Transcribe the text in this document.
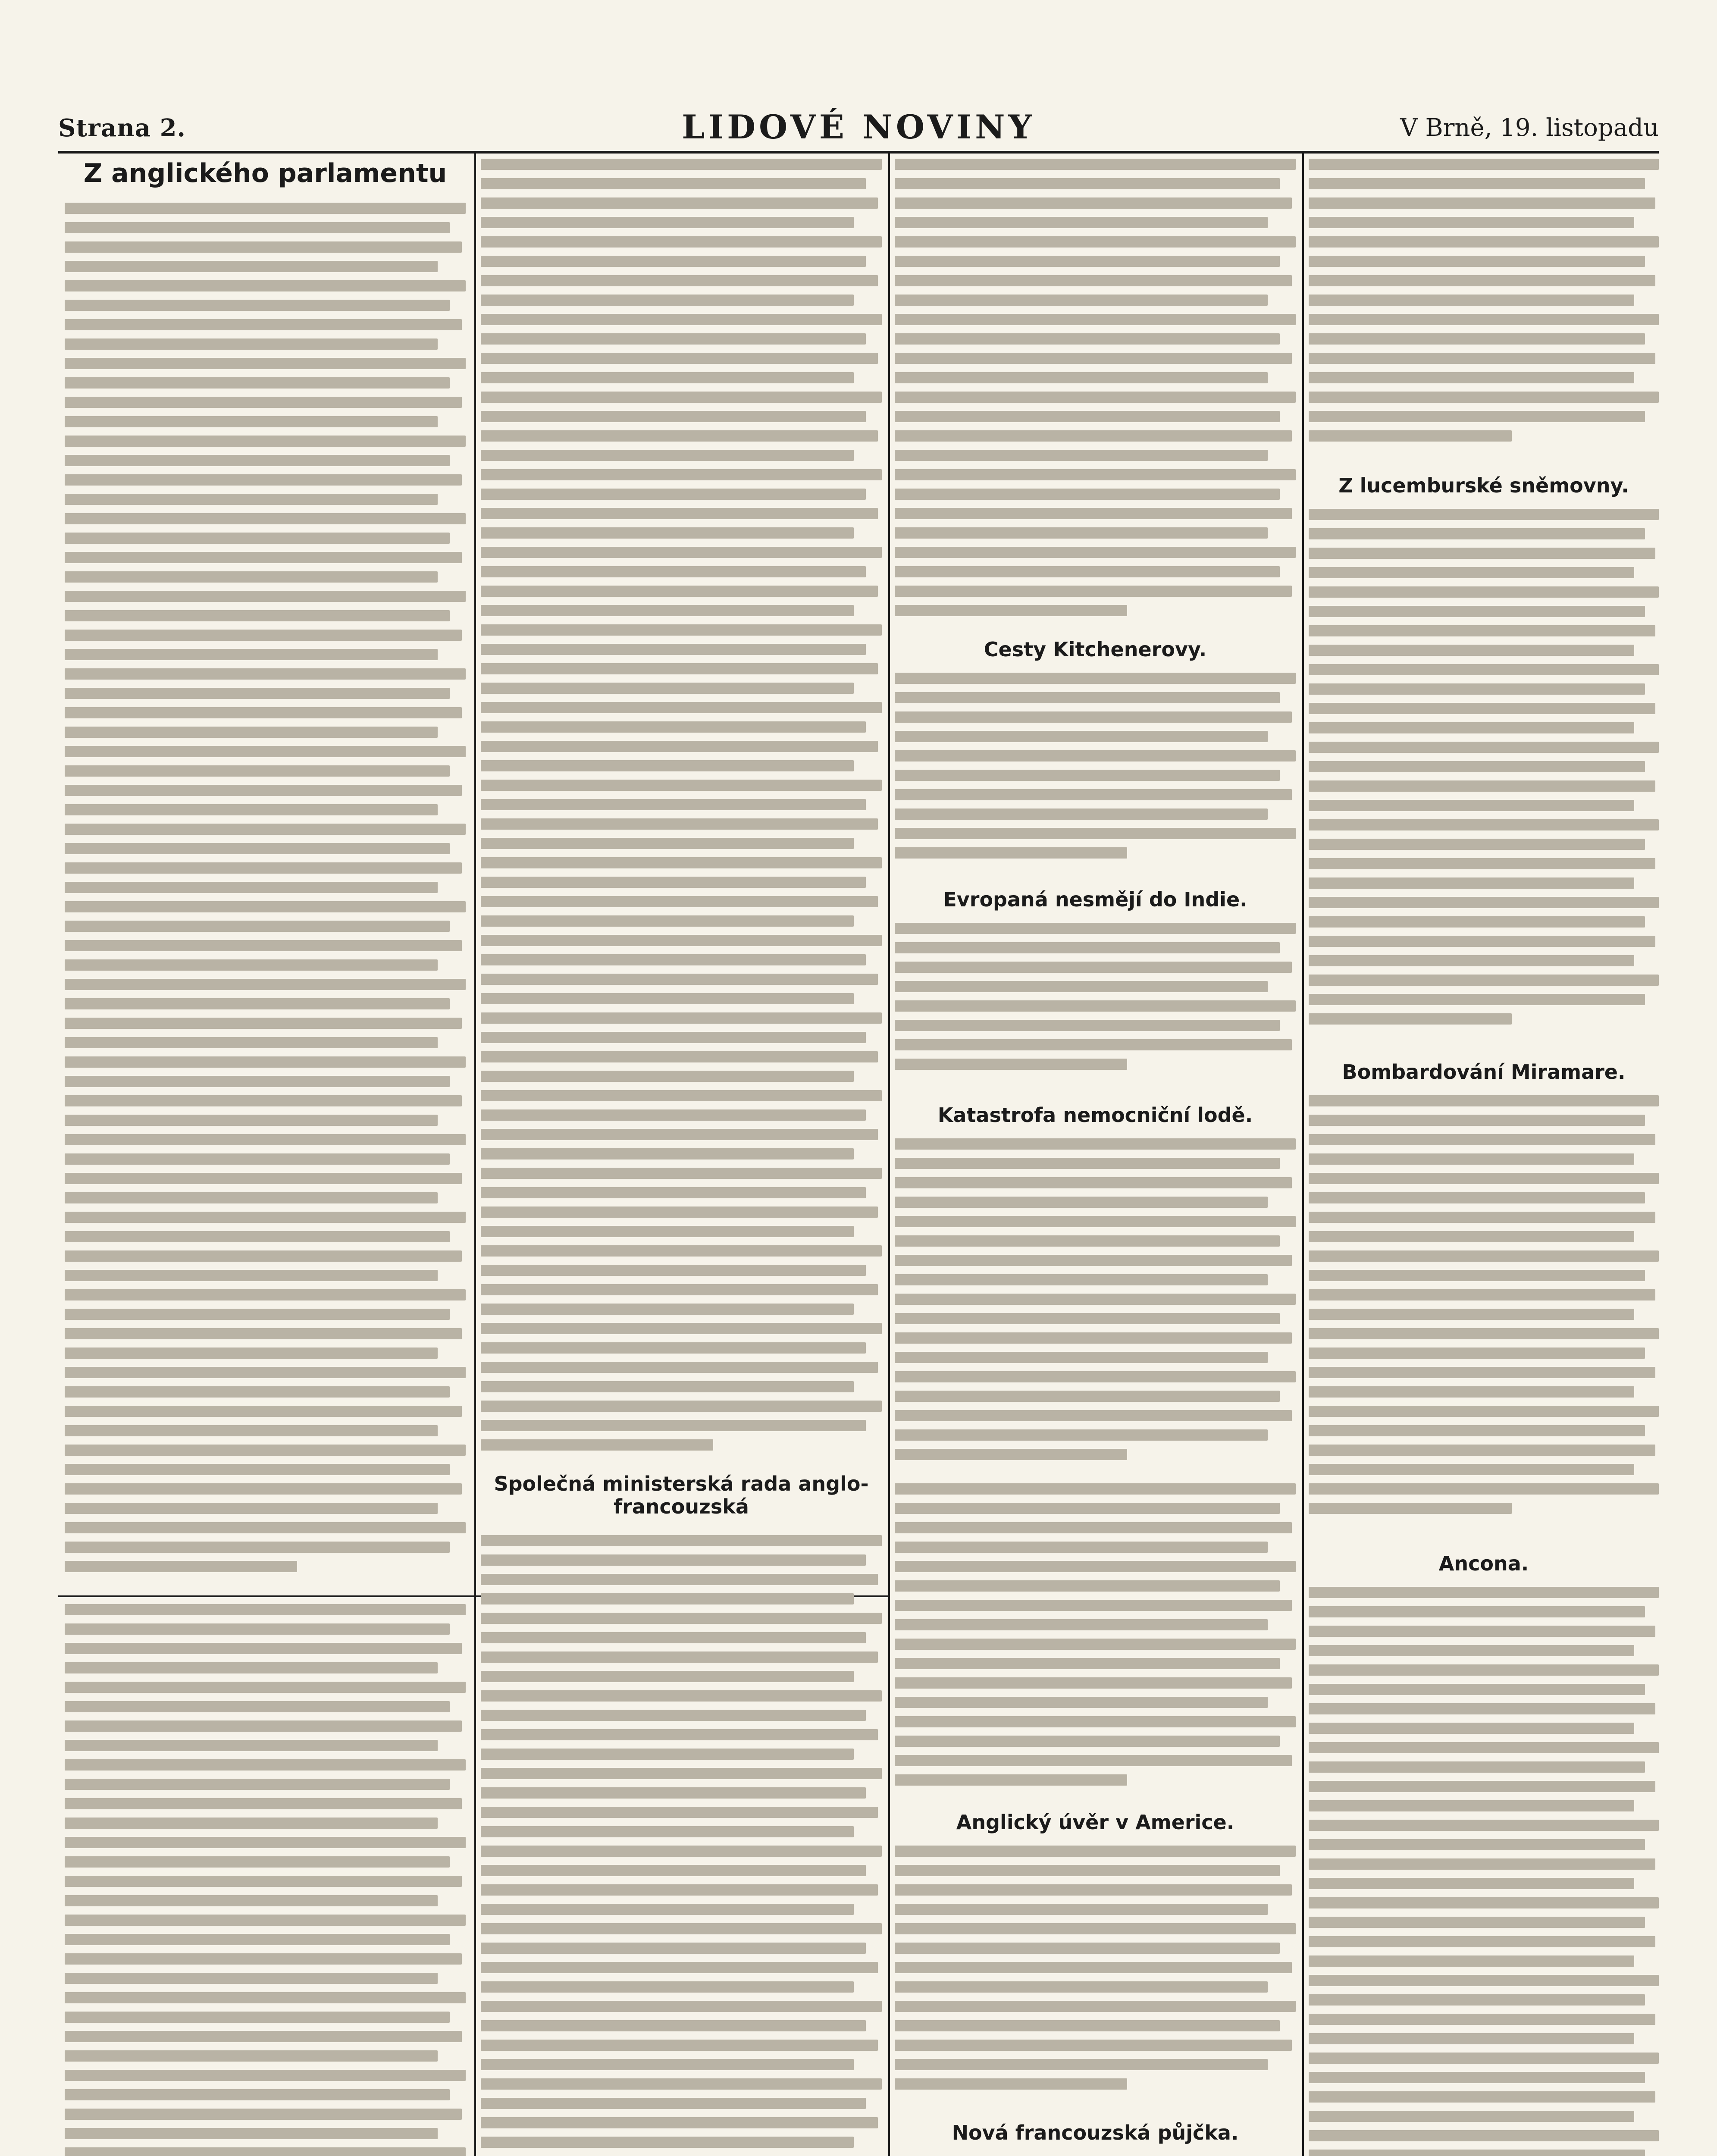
Strana 2.	LIDOVÉ NOVINY	V Brně, 19. listopadu
Z anglického parlamentu
Společná ministerská rada anglo-francouzská
Cesty Kitchenerovy.
Evropaná nesmějí do Indie.
Katastrofa nemocniční lodě.
Anglický úvěr v Americe.
Nová francouzská půjčka.
Z lucemburské sněmovny.
Bombardování Miramare.
Ancona.
